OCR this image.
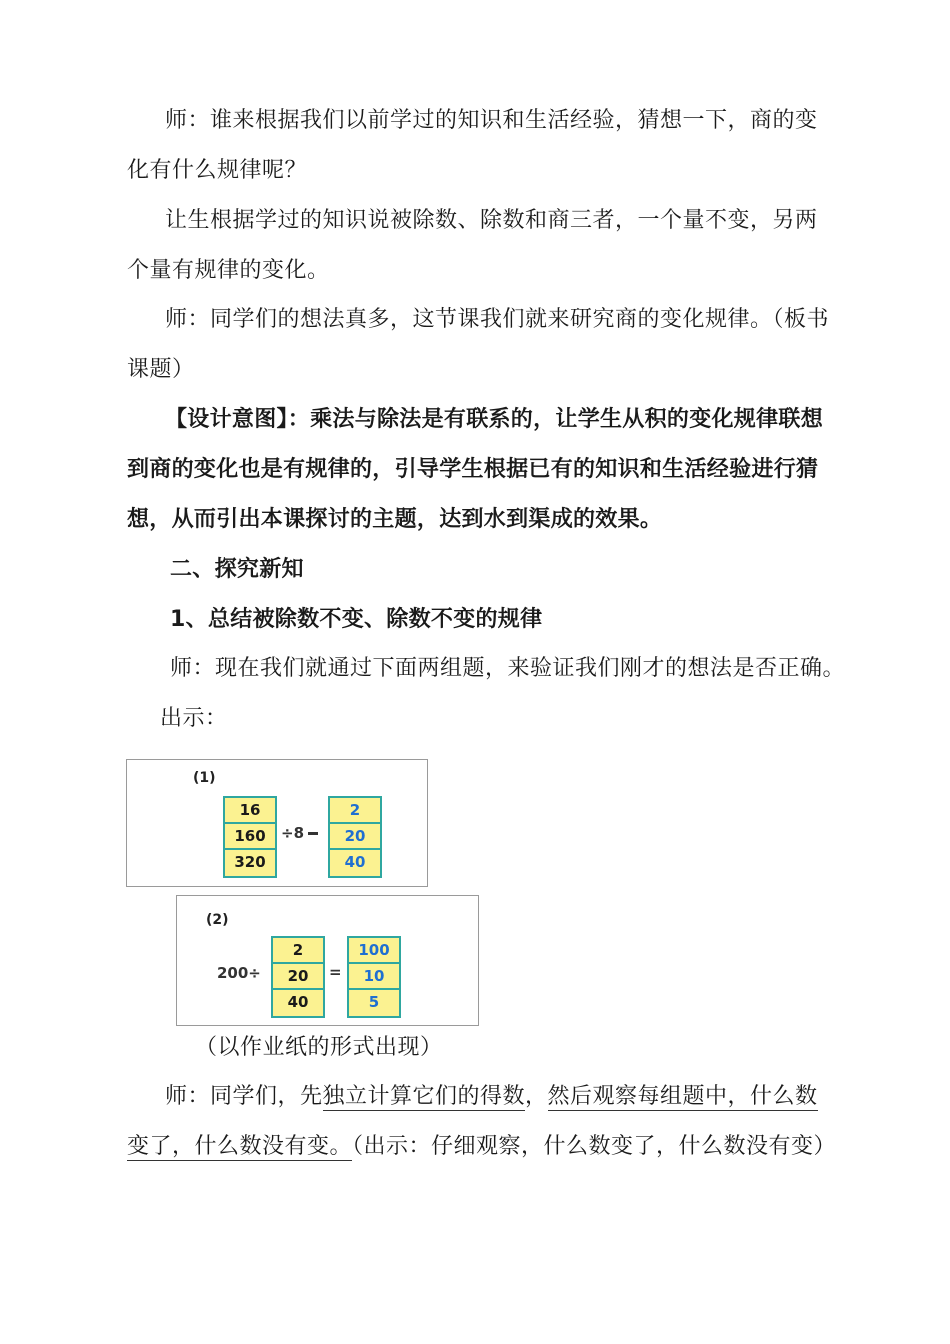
师：谁来根据我们以前学过的知识和生活经验，猜想一下，商的变
化有什么规律呢？
让生根据学过的知识说被除数、除数和商三者，一个量不变，另两
个量有规律的变化。
师：同学们的想法真多，这节课我们就来研究商的变化规律。（板书
课题）
【设计意图】：乘法与除法是有联系的，让学生从积的变化规律联想
到商的变化也是有规律的，引导学生根据已有的知识和生活经验进行猜
想，从而引出本课探讨的主题，达到水到渠成的效果。
二、探究新知
1、总结被除数不变、除数不变的规律
师：现在我们就通过下面两组题，来验证我们刚才的想法是否正确。
出示：
(1)
16
160
320
÷8
2
20
40
(2)
200÷
2
20
40
=
100
10
5
（以作业纸的形式出现）
师：同学们，先独立计算它们的得数，然后观察每组题中，什么数
变了，什么数没有变。（出示：仔细观察，什么数变了，什么数没有变）
